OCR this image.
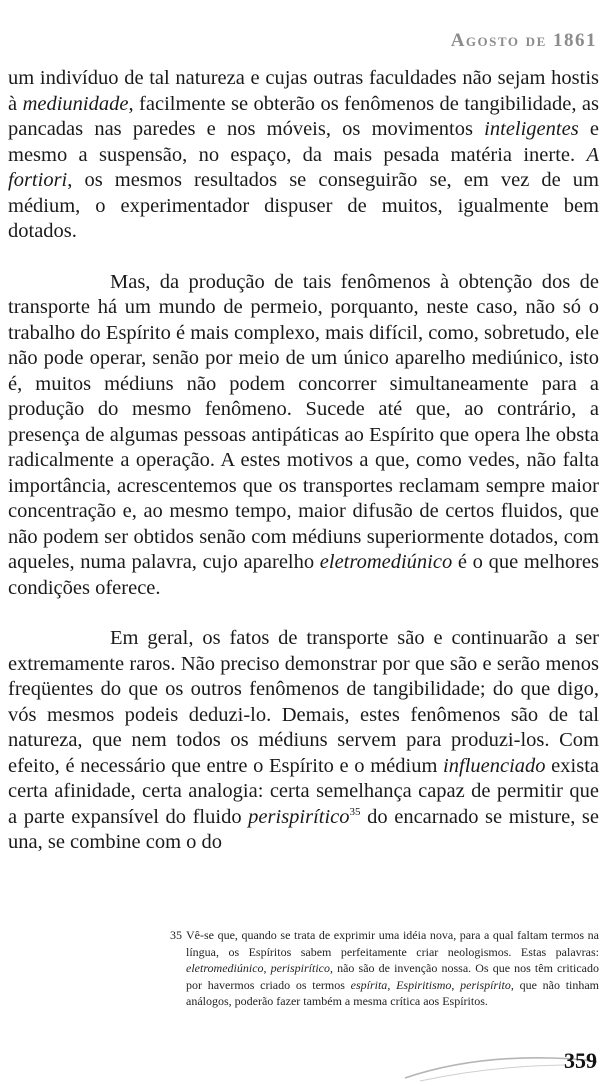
Agosto de 1861

um indivíduo de tal natureza e cujas outras faculdades não sejam hostis à mediunidade, facilmente se obterão os fenômenos de tangibilidade, as pancadas nas paredes e nos móveis, os movimentos inteligentes e mesmo a suspensão, no espaço, da mais pesada matéria inerte. A fortiori, os mesmos resultados se conseguirão se, em vez de um médium, o experimentador dispuser de muitos, igualmente bem dotados.

Mas, da produção de tais fenômenos à obtenção dos de transporte há um mundo de permeio, porquanto, neste caso, não só o trabalho do Espírito é mais complexo, mais difícil, como, sobretudo, ele não pode operar, senão por meio de um único aparelho mediúnico, isto é, muitos médiuns não podem concorrer simultaneamente para a produção do mesmo fenômeno. Sucede até que, ao contrário, a presença de algumas pessoas antipáticas ao Espírito que opera lhe obsta radicalmente a operação. A estes motivos a que, como vedes, não falta importância, acrescentemos que os transportes reclamam sempre maior concentração e, ao mesmo tempo, maior difusão de certos fluidos, que não podem ser obtidos senão com médiuns superiormente dotados, com aqueles, numa palavra, cujo aparelho eletromediúnico é o que melhores condições oferece.

Em geral, os fatos de transporte são e continuarão a ser extremamente raros. Não preciso demonstrar por que são e serão menos freqüentes do que os outros fenômenos de tangibilidade; do que digo, vós mesmos podeis deduzi-lo. Demais, estes fenômenos são de tal natureza, que nem todos os médiuns servem para produzi-los. Com efeito, é necessário que entre o Espírito e o médium influenciado exista certa afinidade, certa analogia: certa semelhança capaz de permitir que a parte expansível do fluido perispirítico$^{35}$ do encarnado se misture, se una, se combine com o do

35 Vê-se que, quando se trata de exprimir uma idéia nova, para a qual faltam termos na língua, os Espíritos sabem perfeitamente criar neologismos. Estas palavras: eletromediúnico, perispirítico, não são de invenção nossa. Os que nos têm criticado por havermos criado os termos espírita, Espiritismo, perispírito, que não tinham análogos, poderão fazer também a mesma crítica aos Espíritos.
359
